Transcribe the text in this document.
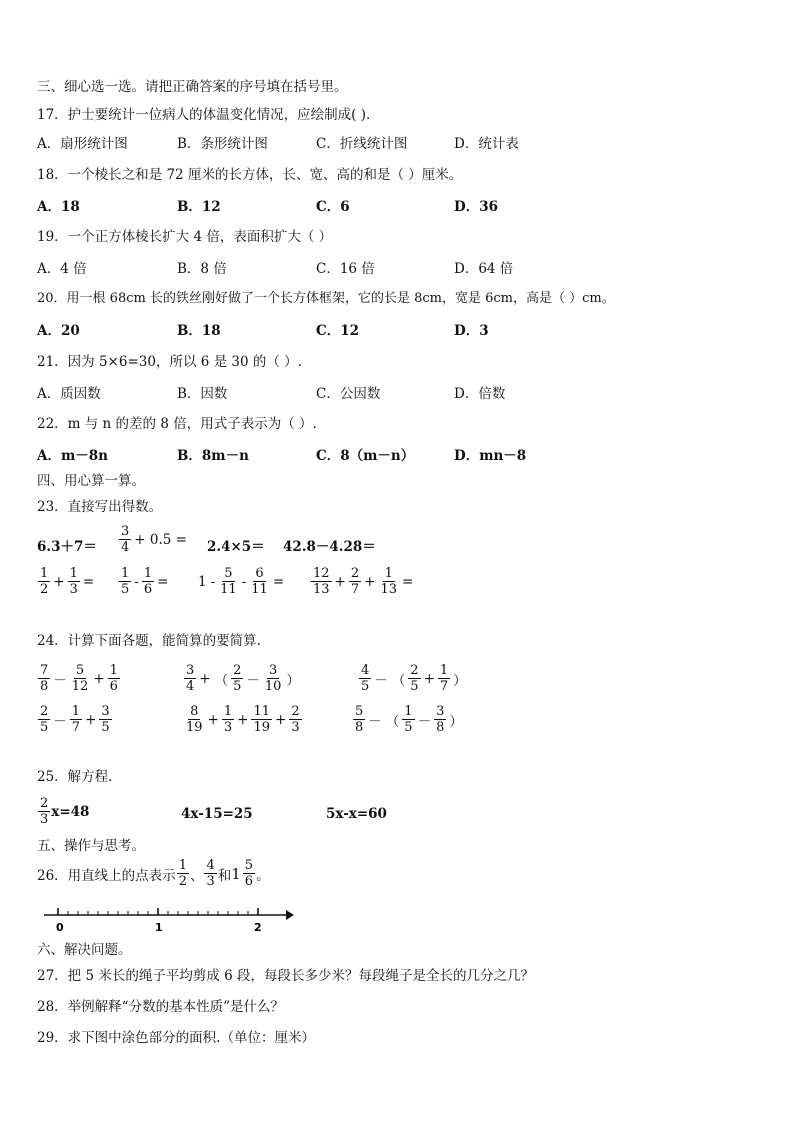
三、细心选一选。请把正确答案的序号填在括号里。
17．护士要统计一位病人的体温变化情况，应绘制成( ).
A．扇形统计图	B．条形统计图	C．折线统计图	D．统计表
18．一个棱长之和是 72 厘米的长方体，长、宽、高的和是（ ）厘米。
A．18	B．12	C．6	D．36
19．一个正方体棱长扩大 4 倍，表面积扩大（ ）
A．4 倍	B．8 倍	C．16 倍	D．64 倍
20．用一根 68cm 长的铁丝刚好做了一个长方体框架，它的长是 8cm，宽是 6cm，高是（ ）cm。
A．20	B．18	C．12	D．3
21．因为 5×6=30，所以 6 是 30 的（ ）.
A．质因数	B．因数	C．公因数	D．倍数
22．m 与 n 的差的 8 倍，用式子表示为（ ）.
A．m－8n	B．8m－n	C．8（m－n）	D．mn－8
四、用心算一算。
23．直接写出得数。
$6.3+7= \frac{3}{4} + 0.5 = 2.4\times 5= 42.8-4.28=$
$\frac{1}{2} + \frac{1}{3} = \frac{1}{5} - \frac{1}{6} = 1 - \frac{5}{11} - \frac{6}{11} = \frac{12}{13} + \frac{2}{7} + \frac{1}{13}$ =
24．计算下面各题，能简算的要简算.
$\frac{7}{8} - \frac{5}{12} + \frac{1}{6}$	$\frac{3}{4}$ + （ $\frac{2}{5} - \frac{3}{10}$ ）	$\frac{4}{5}$ － （ $\frac{2}{5} + \frac{1}{7}$ ）
$\frac{2}{5} - \frac{1}{7} + \frac{3}{5}$	$\frac{8}{19} + \frac{1}{3} + \frac{11}{19} + \frac{2}{3}$	$\frac{5}{8}$ － （ $\frac{1}{5} - \frac{3}{8}$ ）
25．解方程.
$\frac{2}{3} x=48$	4x-15=25	5x-x=60
五、操作与思考。
26．用直线上的点表示 $\frac{1}{2}$ 、 $\frac{4}{3}$ 和 $1 \frac{5}{6}$ 。
0	1	2
六、解决问题。
27．把 5 米长的绳子平均剪成 6 段，每段长多少米？每段绳子是全长的几分之几？
28．举例解释“分数的基本性质”是什么？
29．求下图中涂色部分的面积.（单位：厘米）
